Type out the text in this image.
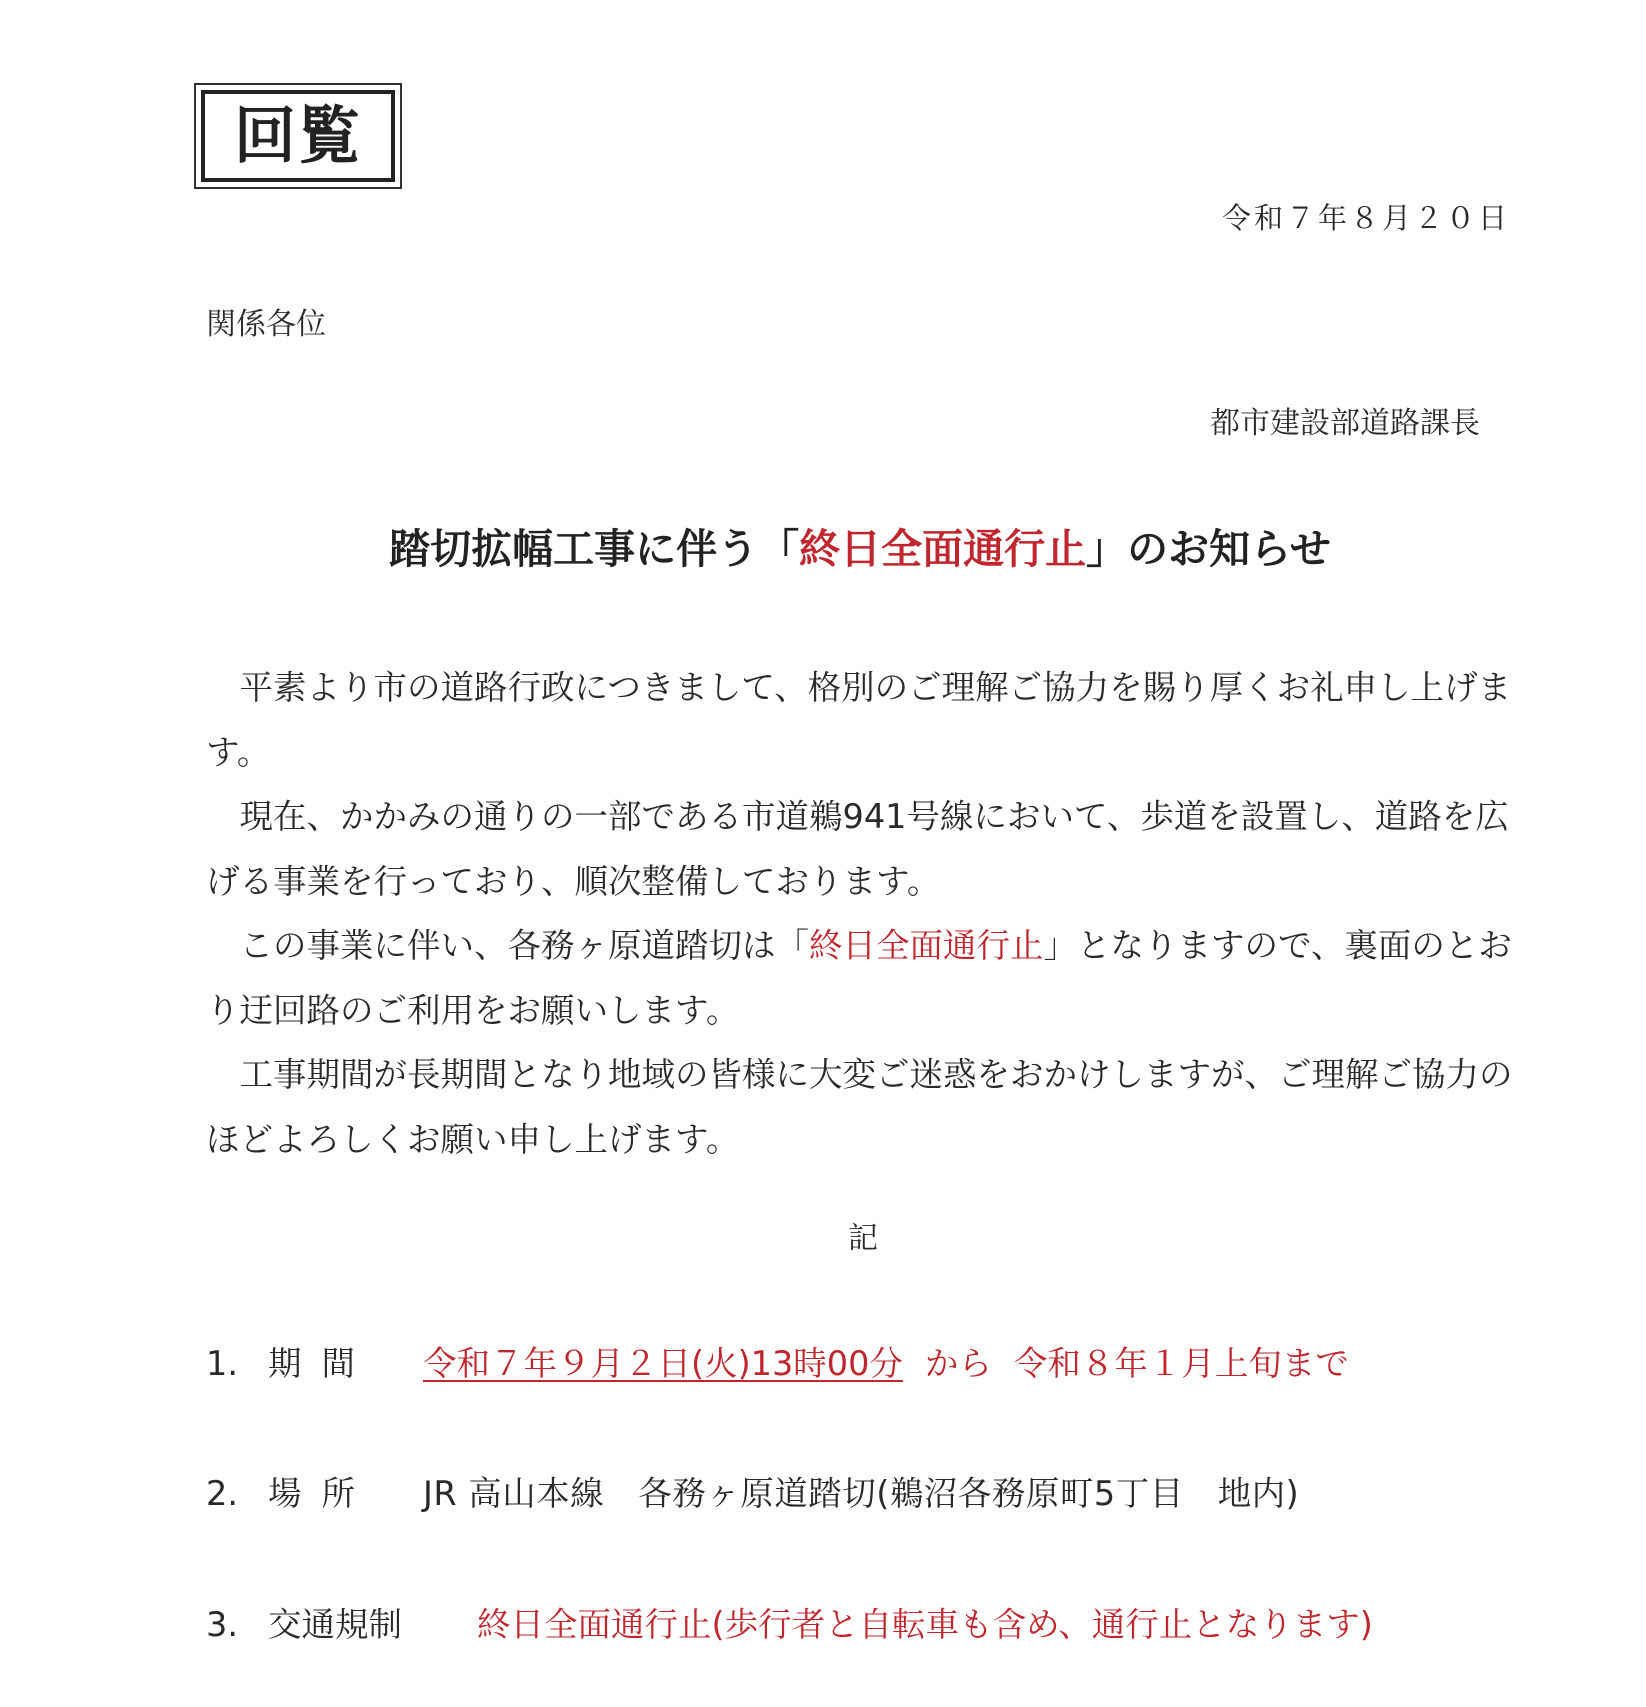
回覧
令和７年８月２０日
関係各位
都市建設部道路課長
踏切拡幅工事に伴う「終日全面通行止」のお知らせ

平素より市の道路行政につきまして、格別のご理解ご協力を賜り厚くお礼申し上げます。

現在、かかみの通りの一部である市道鵜941号線において、歩道を設置し、道路を広げる事業を行っており、順次整備しております。

この事業に伴い、各務ヶ原道踏切は「終日全面通行止」となりますので、裏面のとおり迂回路のご利用をお願いします。

工事期間が長期間となり地域の皆様に大変ご迷惑をおかけしますが、ご理解ご協力のほどよろしくお願い申し上げます。

記
1. 期間 令和７年９月２日(火)13時00分 から 令和８年１月上旬まで
2. 場所 JR 高山本線　各務ヶ原道踏切(鵜沼各務原町5丁目　地内)
3. 交通規制 終日全面通行止(歩行者と自転車も含め、通行止となります)
